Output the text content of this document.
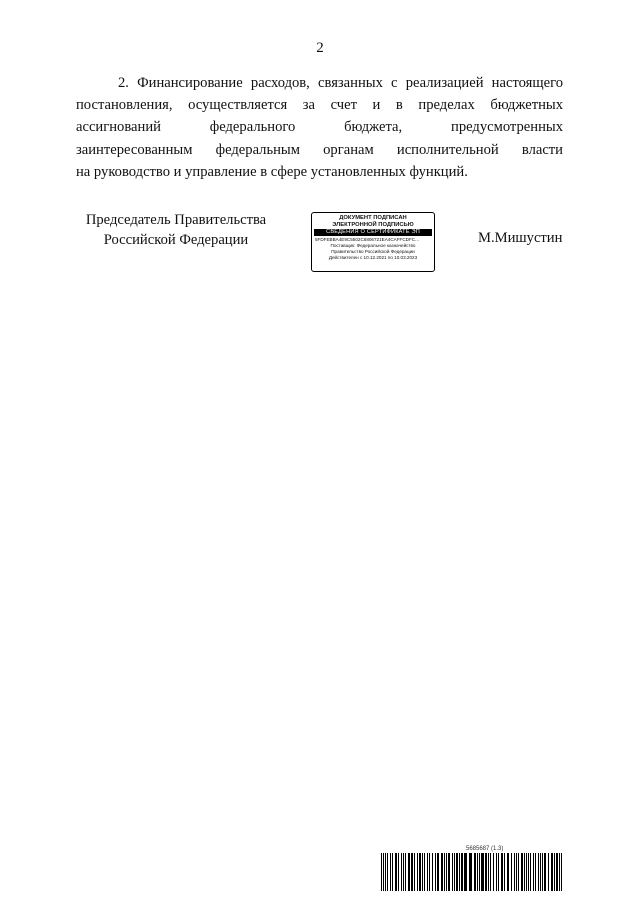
2

2. Финансирование расходов, связанных с реализацией настоящего
постановления, осуществляется за счет и в пределах бюджетных
ассигнований федерального бюджета, предусмотренных
заинтересованным федеральным органам исполнительной власти
на руководство и управление в сфере установленных функций.

Председатель Правительства
Российской Федерации
ДОКУМЕНТ ПОДПИСАН
ЭЛЕКТРОННОЙ ПОДПИСЬЮ
СВЕДЕНИЯ О СЕРТИФИКАТЕ ЭП
5FDFEBBA4E9C5502C6806721EA4CAFFCDFC...
Поставщик: Федеральное казначейство
Правительство Российской Федерации
Действителен с 10.12.2021 по 10.03.2023
М.Мишустин
5685687 (1.3)
